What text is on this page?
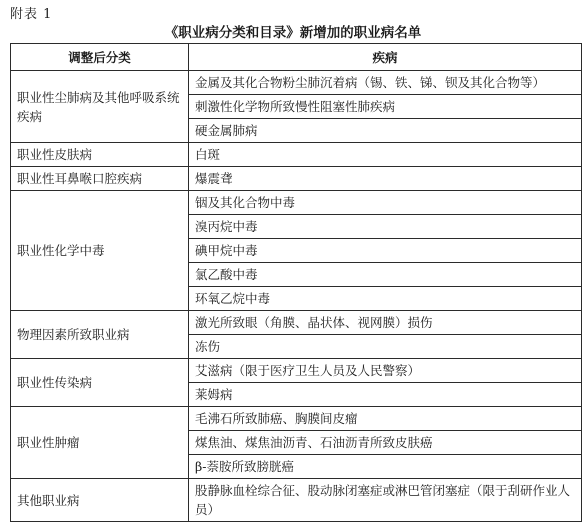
附表 1
《职业病分类和目录》新增加的职业病名单
调整后分类	疾病
职业性尘肺病及其他呼吸系统疾病	金属及其化合物粉尘肺沉着病（锡、铁、锑、钡及其化合物等）
	刺激性化学物所致慢性阻塞性肺疾病
	硬金属肺病
职业性皮肤病	白斑
职业性耳鼻喉口腔疾病	爆震聋
职业性化学中毒	铟及其化合物中毒
	溴丙烷中毒
	碘甲烷中毒
	氯乙酸中毒
	环氧乙烷中毒
物理因素所致职业病	激光所致眼（角膜、晶状体、视网膜）损伤
	冻伤
职业性传染病	艾滋病（限于医疗卫生人员及人民警察）
	莱姆病
职业性肿瘤	毛沸石所致肺癌、胸膜间皮瘤
	煤焦油、煤焦油沥青、石油沥青所致皮肤癌
	β-萘胺所致膀胱癌
其他职业病	股静脉血栓综合征、股动脉闭塞症或淋巴管闭塞症（限于刮研作业人员）
